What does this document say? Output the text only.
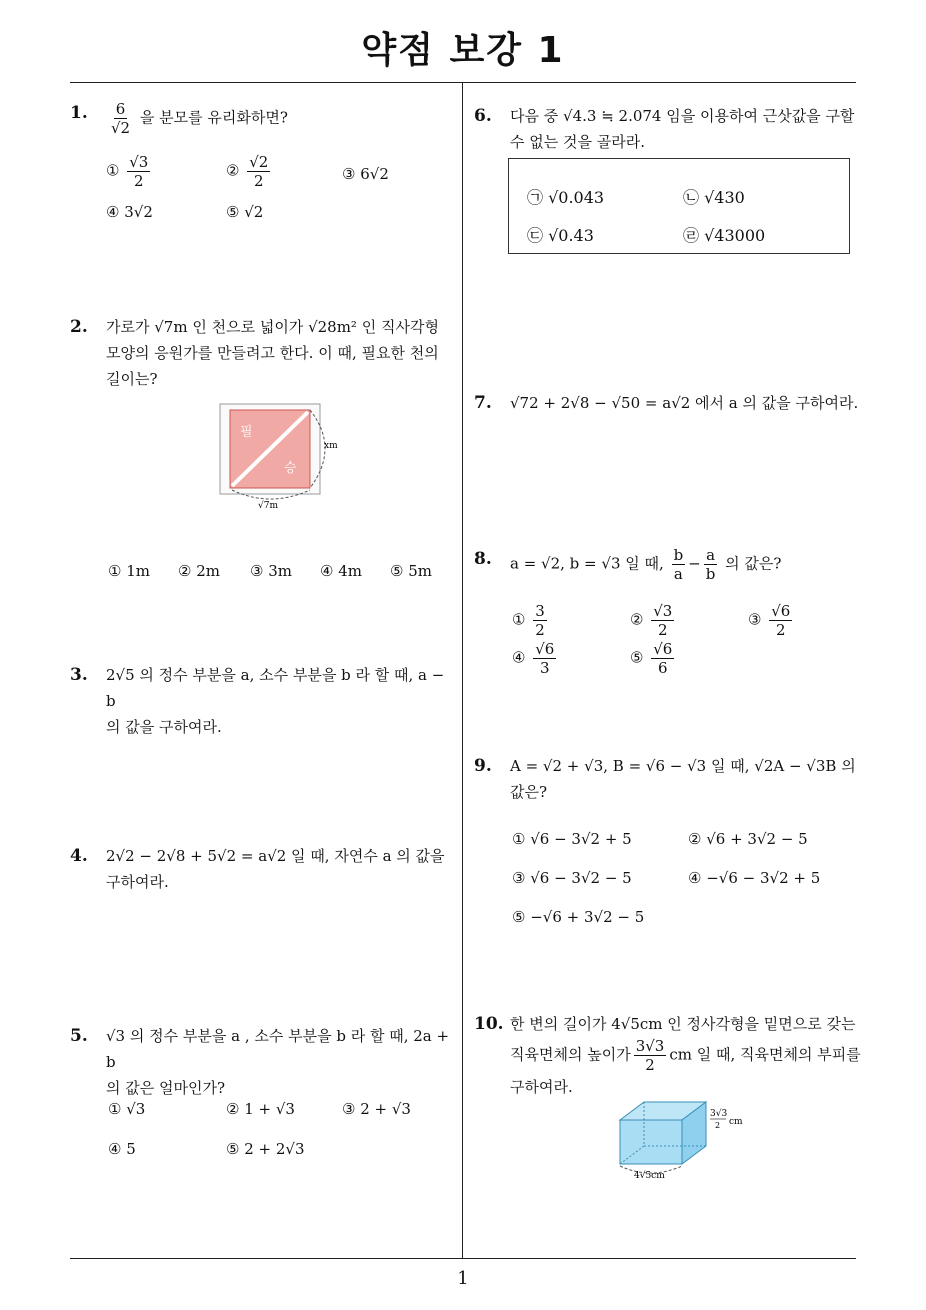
약점 보강 1
1
1. $\frac{6}{√2}$ 을 분모를 유리화하면?
① $\frac{√3}{2}$	② $\frac{√2}{2}$	③ 6√2
④ 3√2	⑤ √2
2. 가로가 √7m 인 천으로 넓이가 √28m² 인 직사각형
모양의 응원가를 만들려고 한다. 이 때, 필요한 천의
길이는?
필
승
xm
√7m
① 1m ② 2m ③ 3m ④ 4m ⑤ 5m
3. 2√5 의 정수 부분을 a, 소수 부분을 b 라 할 때, a − b
의 값을 구하여라.
4. 2√2 − 2√8 + 5√2 = a√2 일 때, 자연수 a 의 값을
구하여라.
5. √3 의 정수 부분을 a , 소수 부분을 b 라 할 때, 2a + b
의 값은 얼마인가?
① √3	② 1 + √3	③ 2 + √3
④ 5	⑤ 2 + 2√3
6. 다음 중 √4.3 ≒ 2.074 임을 이용하여 근삿값을 구할
수 없는 것을 골라라.
㉠ √0.043	㉡ √430
㉢ √0.43	㉣ √43000
7. √72 + 2√8 − √50 = a√2 에서 a 의 값을 구하여라.
8. a = √2, b = √3 일 때, $\frac{b}{a} - \frac{a}{b}$ 의 값은?
① $\frac{3}{2}$	② $\frac{√3}{2}$	③ $\frac{√6}{2}$
④ $\frac{√6}{3}$	⑤ $\frac{√6}{6}$
9. A = √2 + √3, B = √6 − √3 일 때, √2A − √3B 의
값은?
① √6 − 3√2 + 5	② √6 + 3√2 − 5
③ √6 − 3√2 − 5	④ −√6 − 3√2 + 5
⑤ −√6 + 3√2 − 5
10. 한 변의 길이가 4√5cm 인 정사각형을 밑면으로 갖는
직육면체의 높이가 $\frac{3√3}{2}$ cm 일 때, 직육면체의 부피를
구하여라.
3√3
2 cm
4√5cm
